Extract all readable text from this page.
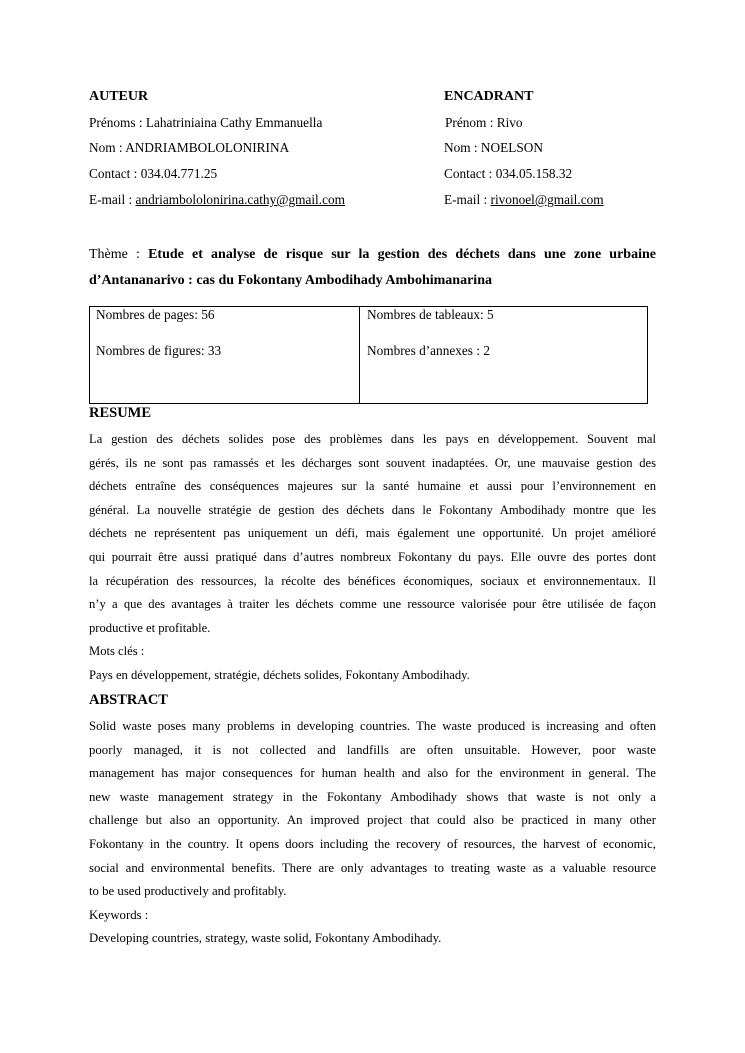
AUTEUR
Prénoms : Lahatriniaina Cathy Emmanuella
Nom : ANDRIAMBOLOLONIRINA
Contact : 034.04.771.25
E-mail : andriambololonirina.cathy@gmail.com
ENCADRANT
Prénom : Rivo
Nom : NOELSON
Contact : 034.05.158.32
E-mail : rivonoel@gmail.com
Thème : Etude et analyse de risque sur la gestion des déchets dans une zone urbaine d’Antananarivo : cas du Fokontany Ambodihady Ambohimanarina
Nombres de pages: 56
Nombres de figures: 33
Nombres de tableaux: 5
Nombres d’annexes : 2
RESUME
La gestion des déchets solides pose des problèmes dans les pays en développement. Souvent mal
gérés, ils ne sont pas ramassés et les décharges sont souvent inadaptées. Or, une mauvaise gestion des
déchets entraîne des conséquences majeures sur la santé humaine et aussi pour l’environnement en
général. La nouvelle stratégie de gestion des déchets dans le Fokontany Ambodihady montre que les
déchets ne représentent pas uniquement un défi, mais également une opportunité. Un projet amélioré
qui pourrait être aussi pratiqué dans d’autres nombreux Fokontany du pays. Elle ouvre des portes dont
la récupération des ressources, la récolte des bénéfices économiques, sociaux et environnementaux. Il
n’y a que des avantages à traiter les déchets comme une ressource valorisée pour être utilisée de façon
productive et profitable.
Mots clés :
Pays en développement, stratégie, déchets solides, Fokontany Ambodihady.
ABSTRACT
Solid waste poses many problems in developing countries. The waste produced is increasing and often
poorly managed, it is not collected and landfills are often unsuitable. However, poor waste
management has major consequences for human health and also for the environment in general. The
new waste management strategy in the Fokontany Ambodihady shows that waste is not only a
challenge but also an opportunity. An improved project that could also be practiced in many other
Fokontany in the country. It opens doors including the recovery of resources, the harvest of economic,
social and environmental benefits. There are only advantages to treating waste as a valuable resource
to be used productively and profitably.
Keywords :
Developing countries, strategy, waste solid, Fokontany Ambodihady.
